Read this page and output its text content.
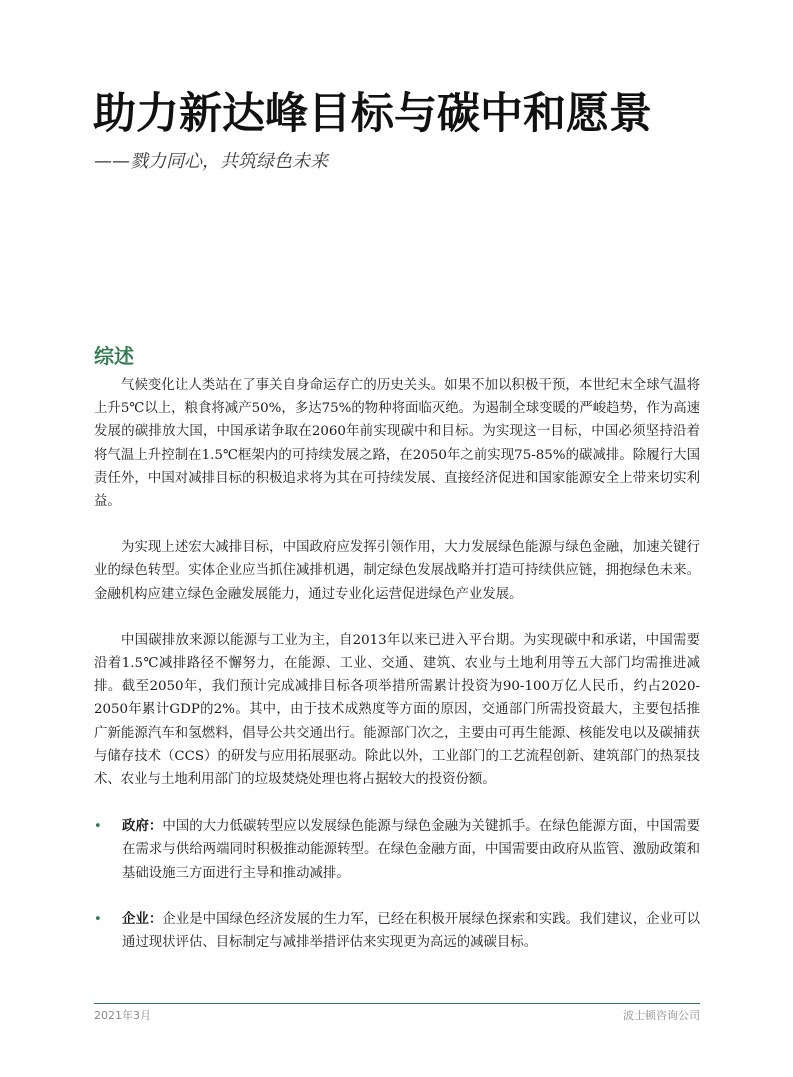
助力新达峰目标与碳中和愿景

——戮力同心，共筑绿色未来

综述

气候变化让人类站在了事关自身命运存亡的历史关头。如果不加以积极干预，本世纪末全球气温将上升5℃以上，粮食将减产50%，多达75%的物种将面临灭绝。为遏制全球变暖的严峻趋势，作为高速发展的碳排放大国，中国承诺争取在2060年前实现碳中和目标。为实现这一目标，中国必须坚持沿着将气温上升控制在1.5℃框架内的可持续发展之路，在2050年之前实现75-85%的碳减排。除履行大国责任外，中国对减排目标的积极追求将为其在可持续发展、直接经济促进和国家能源安全上带来切实利益。

为实现上述宏大减排目标，中国政府应发挥引领作用，大力发展绿色能源与绿色金融，加速关键行业的绿色转型。实体企业应当抓住减排机遇，制定绿色发展战略并打造可持续供应链，拥抱绿色未来。金融机构应建立绿色金融发展能力，通过专业化运营促进绿色产业发展。

中国碳排放来源以能源与工业为主，自2013年以来已进入平台期。为实现碳中和承诺，中国需要沿着1.5℃减排路径不懈努力，在能源、工业、交通、建筑、农业与土地利用等五大部门均需推进减排。截至2050年，我们预计完成减排目标各项举措所需累计投资为90-100万亿人民币，约占2020-2050年累计GDP的2%。其中，由于技术成熟度等方面的原因，交通部门所需投资最大，主要包括推广新能源汽车和氢燃料，倡导公共交通出行。能源部门次之，主要由可再生能源、核能发电以及碳捕获与储存技术（CCS）的研发与应用拓展驱动。除此以外，工业部门的工艺流程创新、建筑部门的热泵技术、农业与土地利用部门的垃圾焚烧处理也将占据较大的投资份额。

• 政府：中国的大力低碳转型应以发展绿色能源与绿色金融为关键抓手。在绿色能源方面，中国需要在需求与供给两端同时积极推动能源转型。在绿色金融方面，中国需要由政府从监管、激励政策和基础设施三方面进行主导和推动减排。
• 企业：企业是中国绿色经济发展的生力军，已经在积极开展绿色探索和实践。我们建议，企业可以通过现状评估、目标制定与减排举措评估来实现更为高远的减碳目标。
2021年3月	波士顿咨询公司
